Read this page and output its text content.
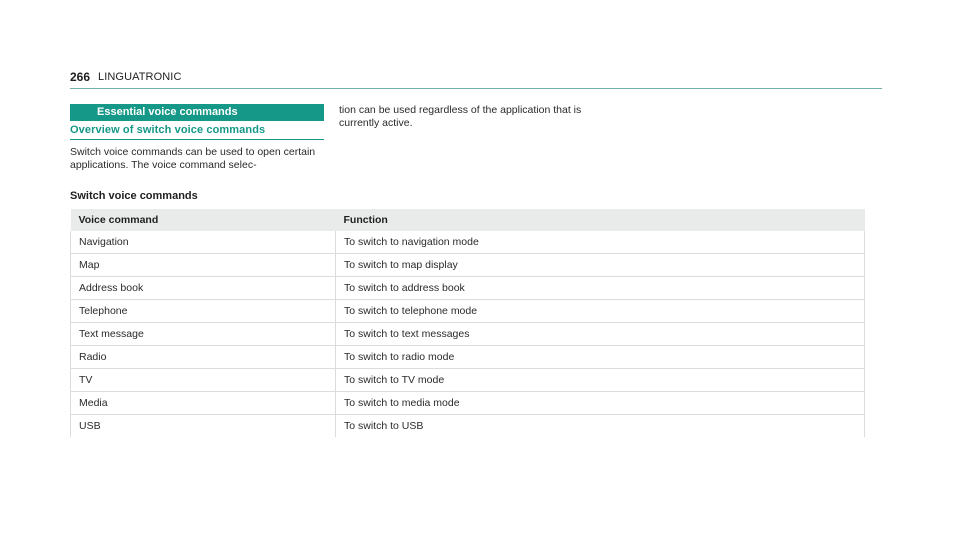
266 LINGUATRONIC
Essential voice commands
Overview of switch voice commands
Switch voice commands can be used to open certain applications. The voice command selec-
tion can be used regardless of the application that is currently active.
Switch voice commands
Voice command	Function
Navigation	To switch to navigation mode
Map	To switch to map display
Address book	To switch to address book
Telephone	To switch to telephone mode
Text message	To switch to text messages
Radio	To switch to radio mode
TV	To switch to TV mode
Media	To switch to media mode
USB	To switch to USB
